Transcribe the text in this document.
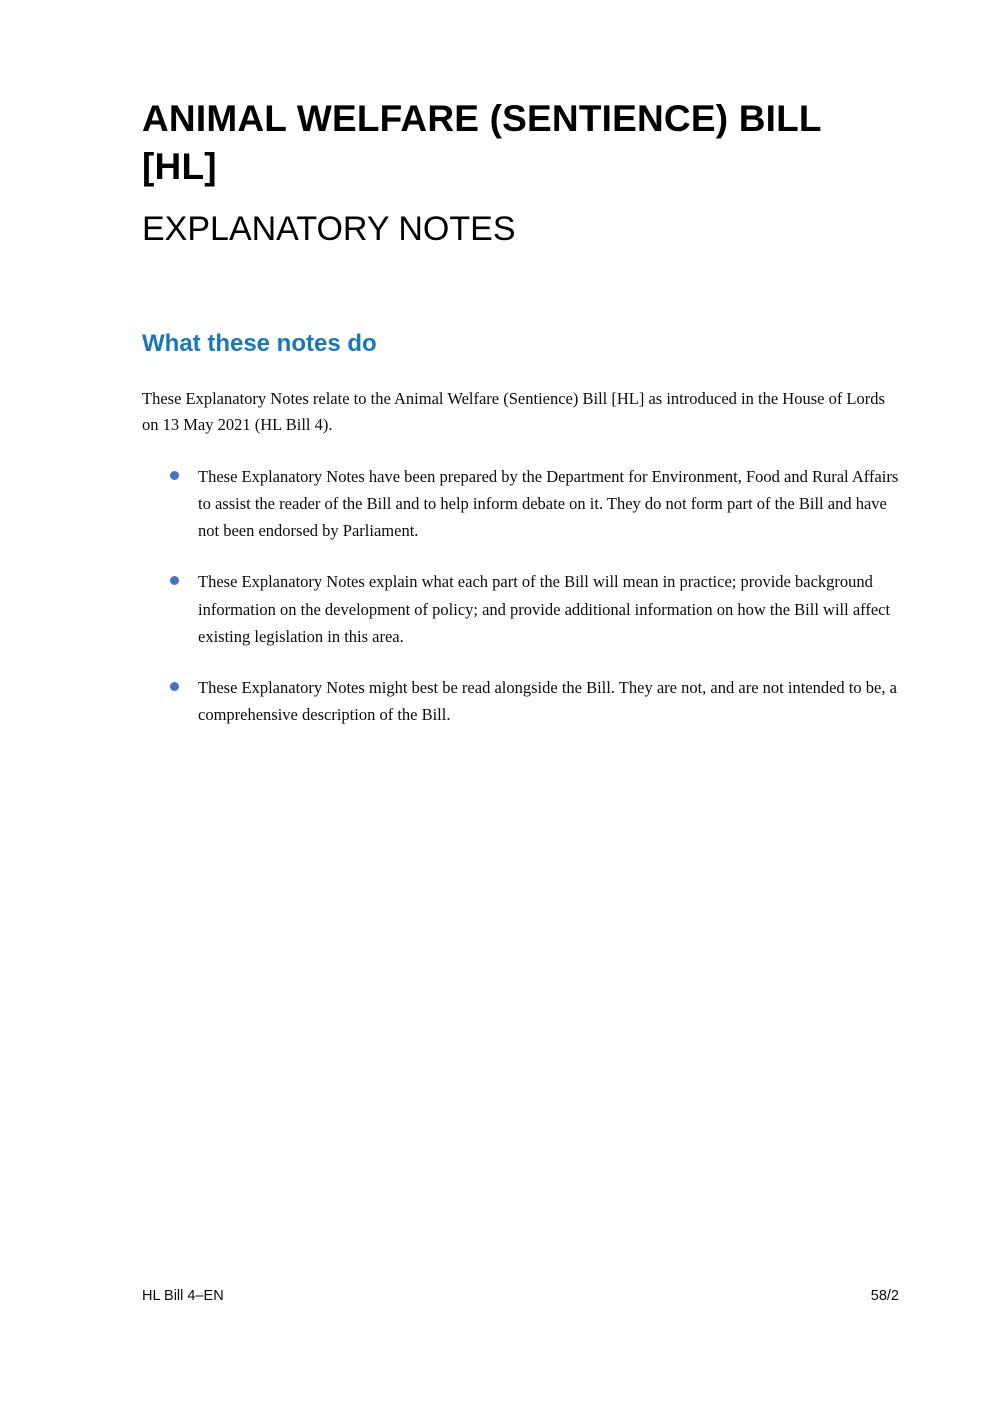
ANIMAL WELFARE (SENTIENCE) BILL
[HL]
EXPLANATORY NOTES
What these notes do

These Explanatory Notes relate to the Animal Welfare (Sentience) Bill [HL] as introduced in the House of Lords on 13 May 2021 (HL Bill 4).

These Explanatory Notes have been prepared by the Department for Environment, Food and Rural Affairs to assist the reader of the Bill and to help inform debate on it. They do not form part of the Bill and have not been endorsed by Parliament.
These Explanatory Notes explain what each part of the Bill will mean in practice; provide background information on the development of policy; and provide additional information on how the Bill will affect existing legislation in this area.
These Explanatory Notes might best be read alongside the Bill. They are not, and are not intended to be, a comprehensive description of the Bill.
HL Bill 4–EN	58/2
